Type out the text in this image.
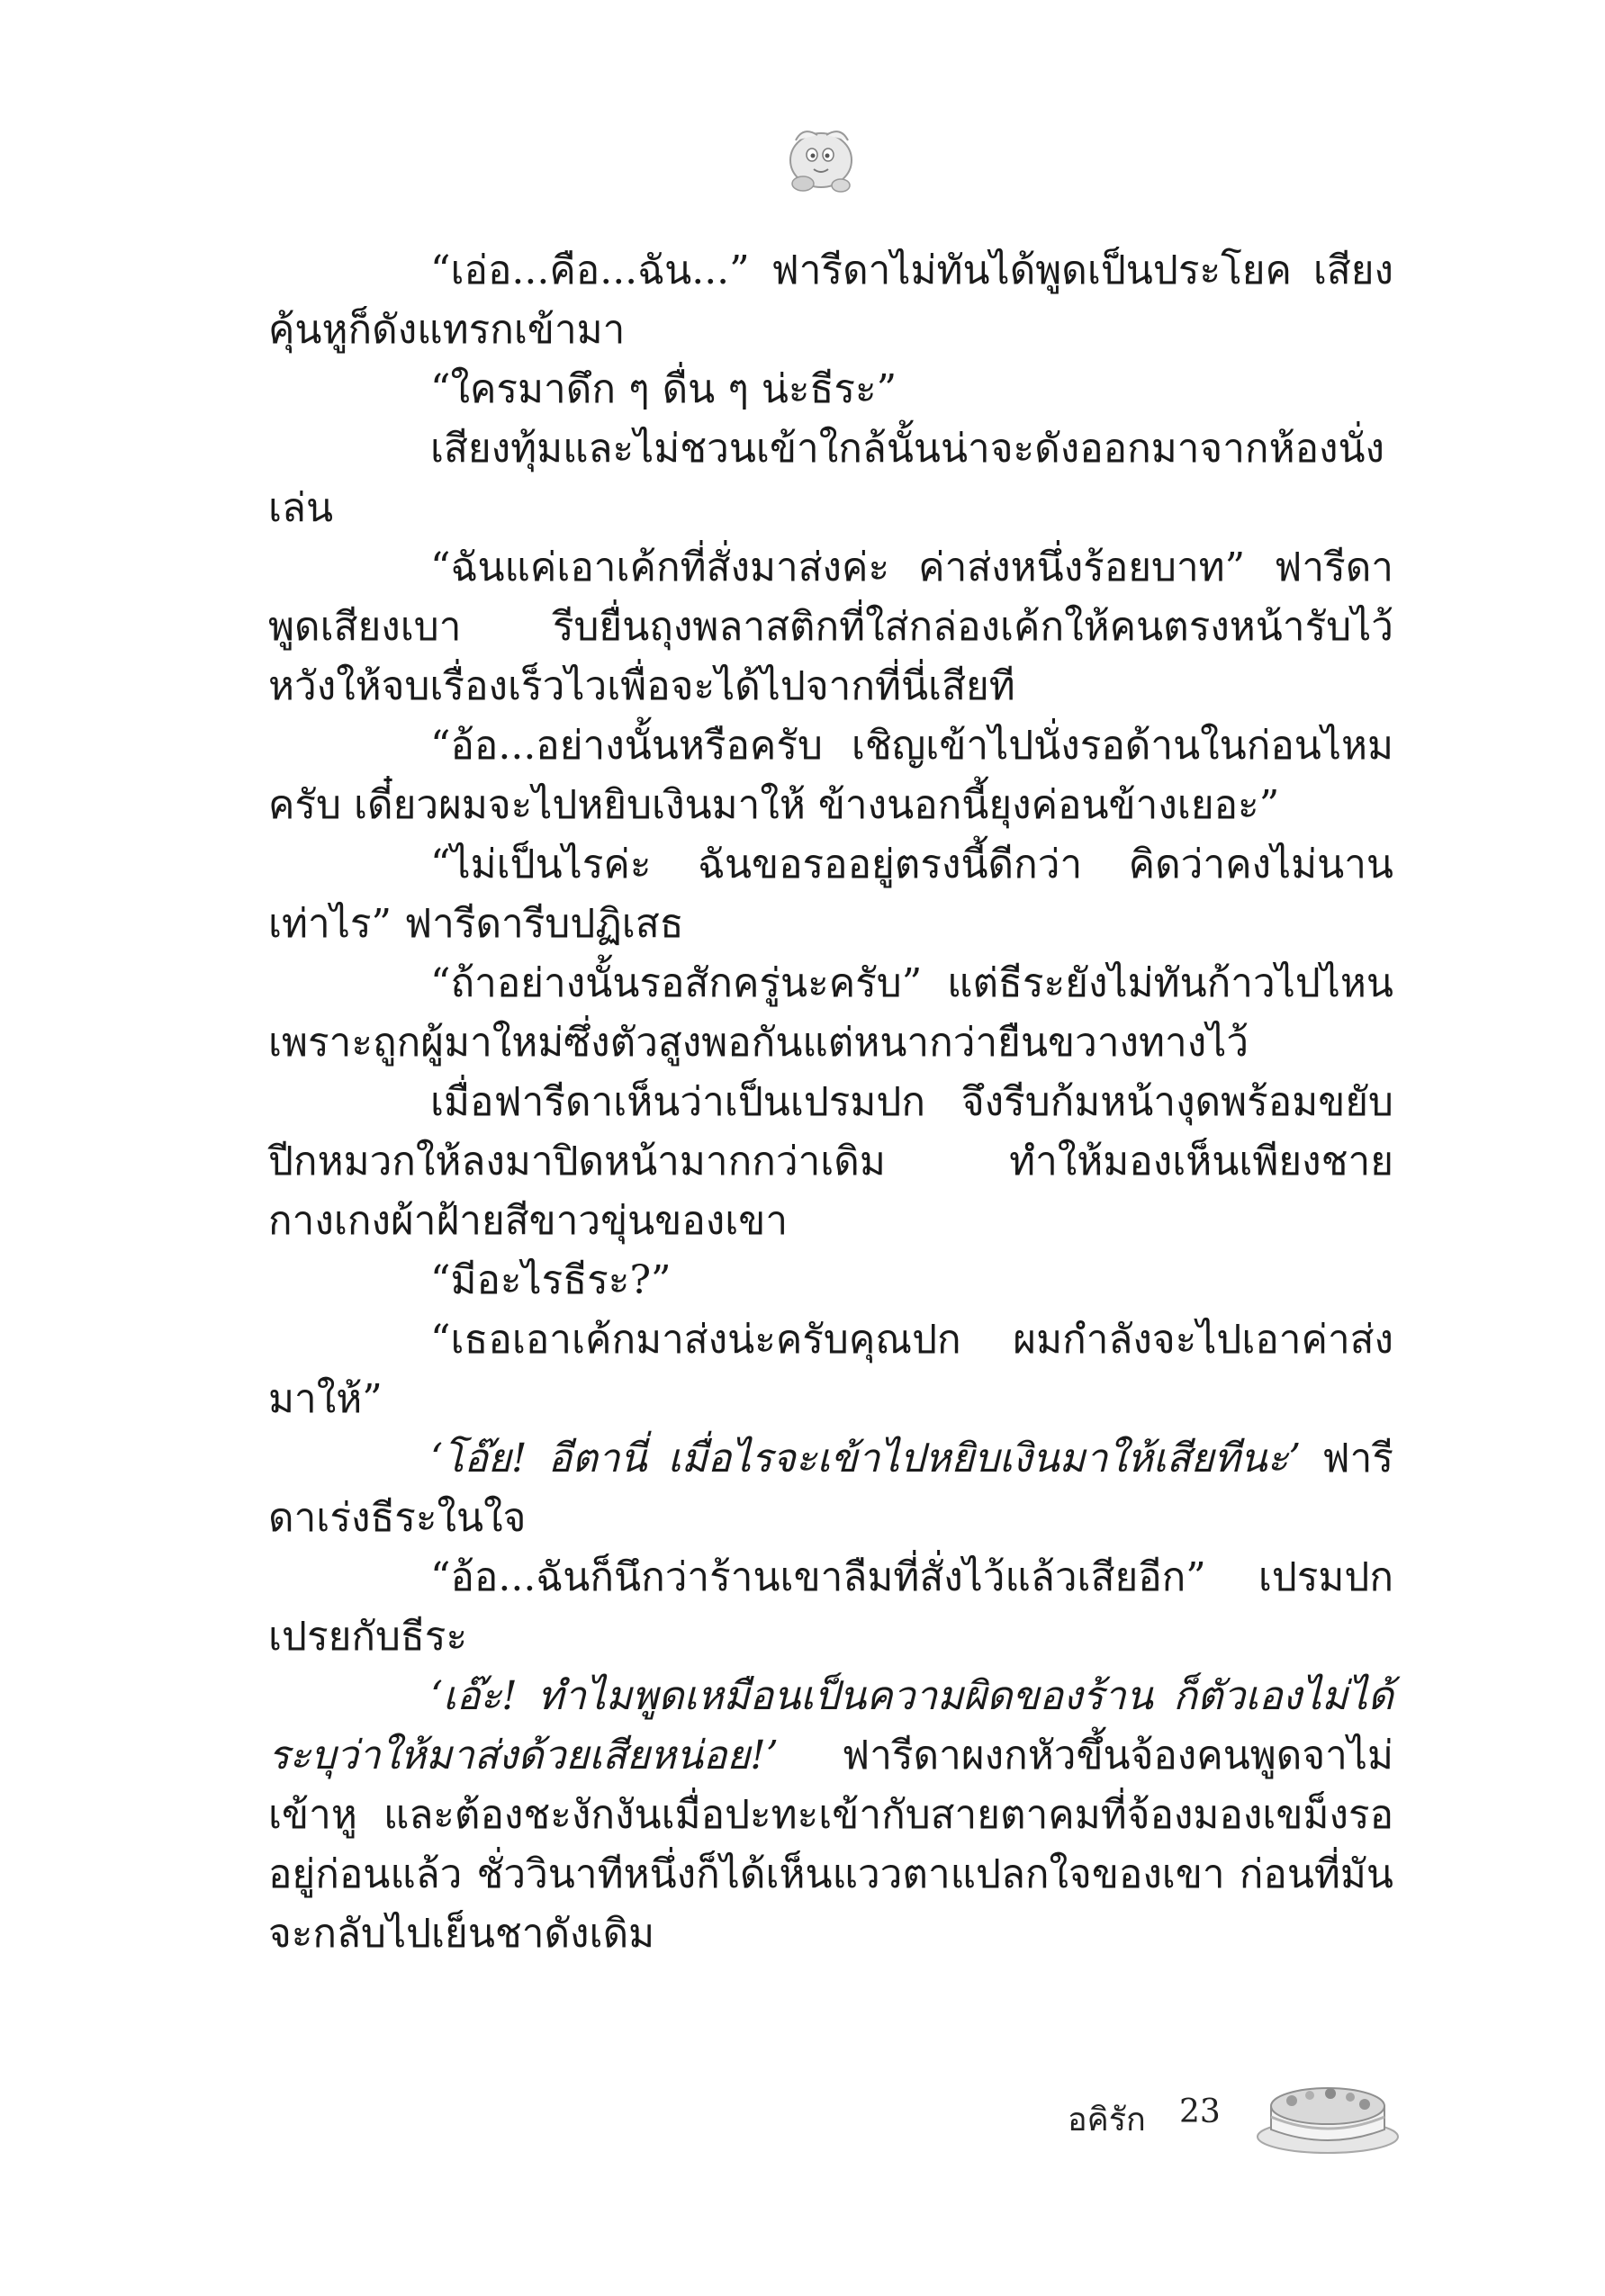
“เอ่อ...คือ...ฉัน...” ฟารีดาไม่ทันได้พูดเป็นประโยค เสียงคุ้นหูก็ดังแทรกเข้ามา

“ใครมาดึก ๆ ดื่น ๆ น่ะธีระ”

เสียงทุ้มและไม่ชวนเข้าใกล้นั้นน่าจะดังออกมาจากห้องนั่งเล่น

“ฉันแค่เอาเค้กที่สั่งมาส่งค่ะ ค่าส่งหนึ่งร้อยบาท” ฟารีดาพูดเสียงเบา รีบยื่นถุงพลาสติกที่ใส่กล่องเค้กให้คนตรงหน้ารับไว้ หวังให้จบเรื่องเร็วไวเพื่อจะได้ไปจากที่นี่เสียที

“อ้อ...อย่างนั้นหรือครับ เชิญเข้าไปนั่งรอด้านในก่อนไหมครับ เดี๋ยวผมจะไปหยิบเงินมาให้ ข้างนอกนี้ยุงค่อนข้างเยอะ”

“ไม่เป็นไรค่ะ ฉันขอรออยู่ตรงนี้ดีกว่า คิดว่าคงไม่นานเท่าไร” ฟารีดารีบปฏิเสธ

“ถ้าอย่างนั้นรอสักครู่นะครับ” แต่ธีระยังไม่ทันก้าวไปไหน เพราะถูกผู้มาใหม่ซึ่งตัวสูงพอกันแต่หนากว่ายืนขวางทางไว้

เมื่อฟารีดาเห็นว่าเป็นเปรมปก จึงรีบก้มหน้างุดพร้อมขยับปีกหมวกให้ลงมาปิดหน้ามากกว่าเดิม ทำให้มองเห็นเพียงชายกางเกงผ้าฝ้ายสีขาวขุ่นของเขา

“มีอะไรธีระ?”

“เธอเอาเค้กมาส่งน่ะครับคุณปก ผมกำลังจะไปเอาค่าส่งมาให้”

‘โอ๊ย! อีตานี่ เมื่อไรจะเข้าไปหยิบเงินมาให้เสียทีนะ’ ฟารีดาเร่งธีระในใจ

“อ้อ...ฉันก็นึกว่าร้านเขาลืมที่สั่งไว้แล้วเสียอีก” เปรมปกเปรยกับธีระ

‘เอ๊ะ! ทำไมพูดเหมือนเป็นความผิดของร้าน ก็ตัวเองไม่ได้ระบุว่าให้มาส่งด้วยเสียหน่อย!’ ฟารีดาผงกหัวขึ้นจ้องคนพูดจาไม่เข้าหู และต้องชะงักงันเมื่อปะทะเข้ากับสายตาคมที่จ้องมองเขม็งรออยู่ก่อนแล้ว ชั่ววินาทีหนึ่งก็ได้เห็นแววตาแปลกใจของเขา ก่อนที่มันจะกลับไปเย็นชาดังเดิม

อคิรัก 23
